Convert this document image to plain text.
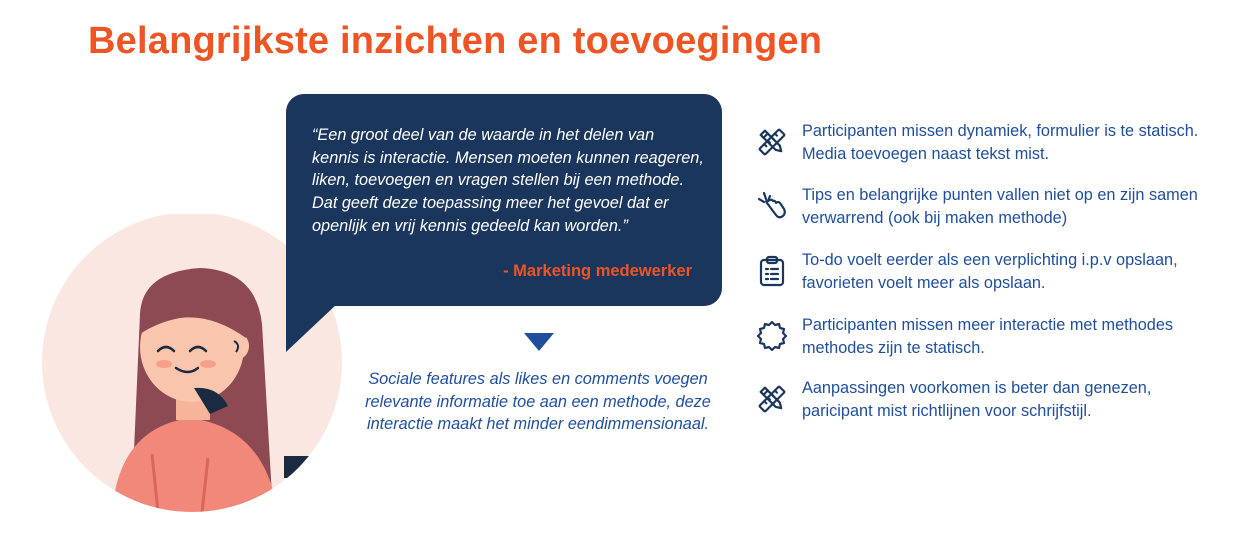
Belangrijkste inzichten en toevoegingen
“Een groot deel van de waarde in het delen van kennis is interactie. Mensen moeten kunnen reageren, liken, toevoegen en vragen stellen bij een methode. Dat geeft deze toepassing meer het gevoel dat er openlijk en vrij kennis gedeeld kan worden.”
- Marketing medewerker
Sociale features als likes en comments voegen relevante informatie toe aan een methode, deze interactie maakt het minder eendimmensionaal.
Participanten missen dynamiek, formulier is te statisch. Media toevoegen naast tekst mist.
Tips en belangrijke punten vallen niet op en zijn samen verwarrend (ook bij maken methode)
To-do voelt eerder als een verplichting i.p.v opslaan, favorieten voelt meer als opslaan.
Participanten missen meer interactie met methodes methodes zijn te statisch.
Aanpassingen voorkomen is beter dan genezen, paricipant mist richtlijnen voor schrijfstijl.
